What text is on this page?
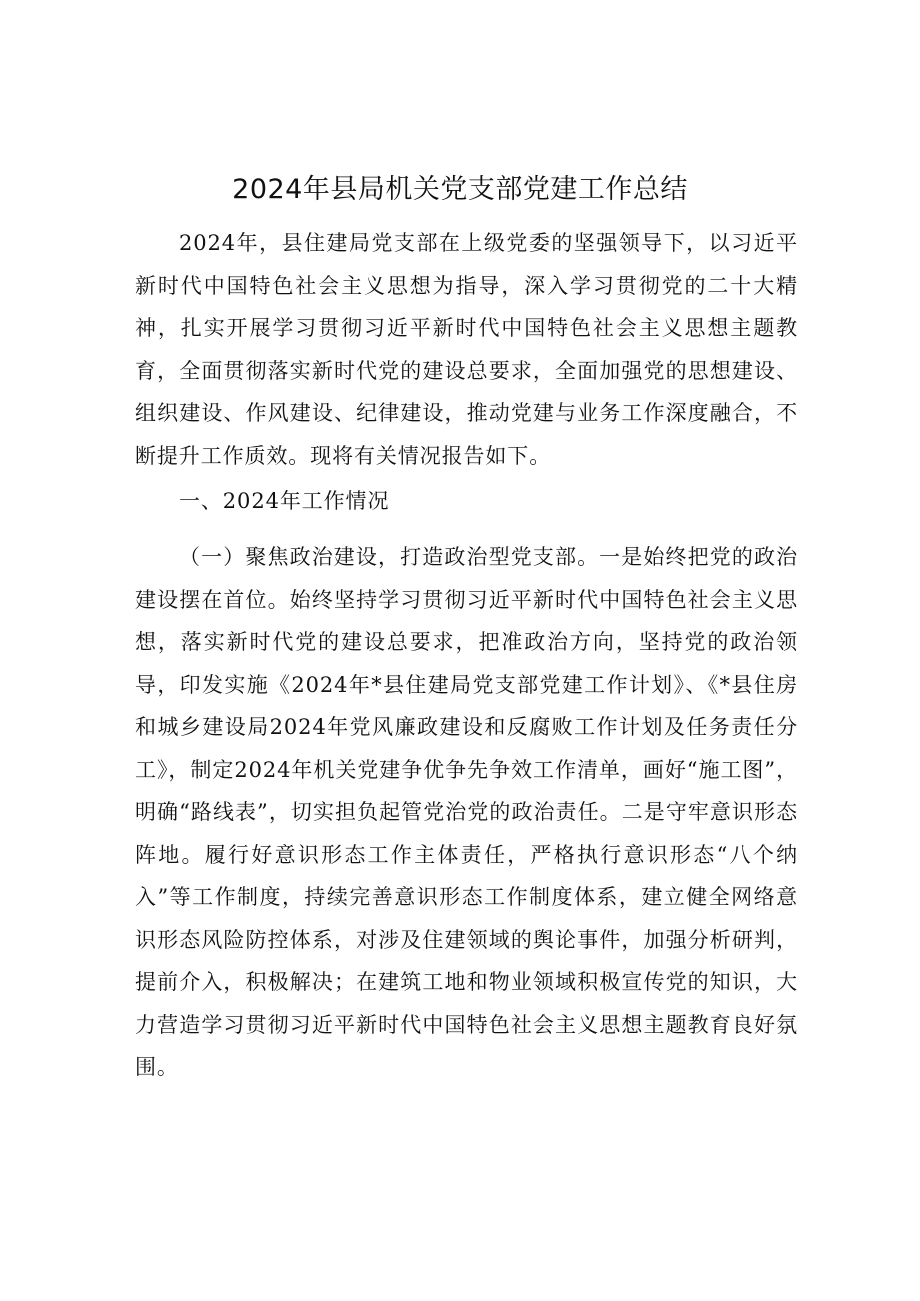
2024年县局机关党支部党建工作总结

2024年，县住建局党支部在上级党委的坚强领导下，以习近平新时代中国特色社会主义思想为指导，深入学习贯彻党的二十大精神，扎实开展学习贯彻习近平新时代中国特色社会主义思想主题教育，全面贯彻落实新时代党的建设总要求，全面加强党的思想建设、组织建设、作风建设、纪律建设，推动党建与业务工作深度融合，不断提升工作质效。现将有关情况报告如下。

一、2024年工作情况

（一）聚焦政治建设，打造政治型党支部。一是始终把党的政治建设摆在首位。始终坚持学习贯彻习近平新时代中国特色社会主义思想，落实新时代党的建设总要求，把准政治方向，坚持党的政治领导，印发实施《2024年*县住建局党支部党建工作计划》、《*县住房和城乡建设局2024年党风廉政建设和反腐败工作计划及任务责任分工》，制定2024年机关党建争优争先争效工作清单，画好“施工图”，明确“路线表”，切实担负起管党治党的政治责任。二是守牢意识形态阵地。履行好意识形态工作主体责任，严格执行意识形态“八个纳入”等工作制度，持续完善意识形态工作制度体系，建立健全网络意识形态风险防控体系，对涉及住建领域的舆论事件，加强分析研判，提前介入，积极解决；在建筑工地和物业领域积极宣传党的知识，大力营造学习贯彻习近平新时代中国特色社会主义思想主题教育良好氛围。
